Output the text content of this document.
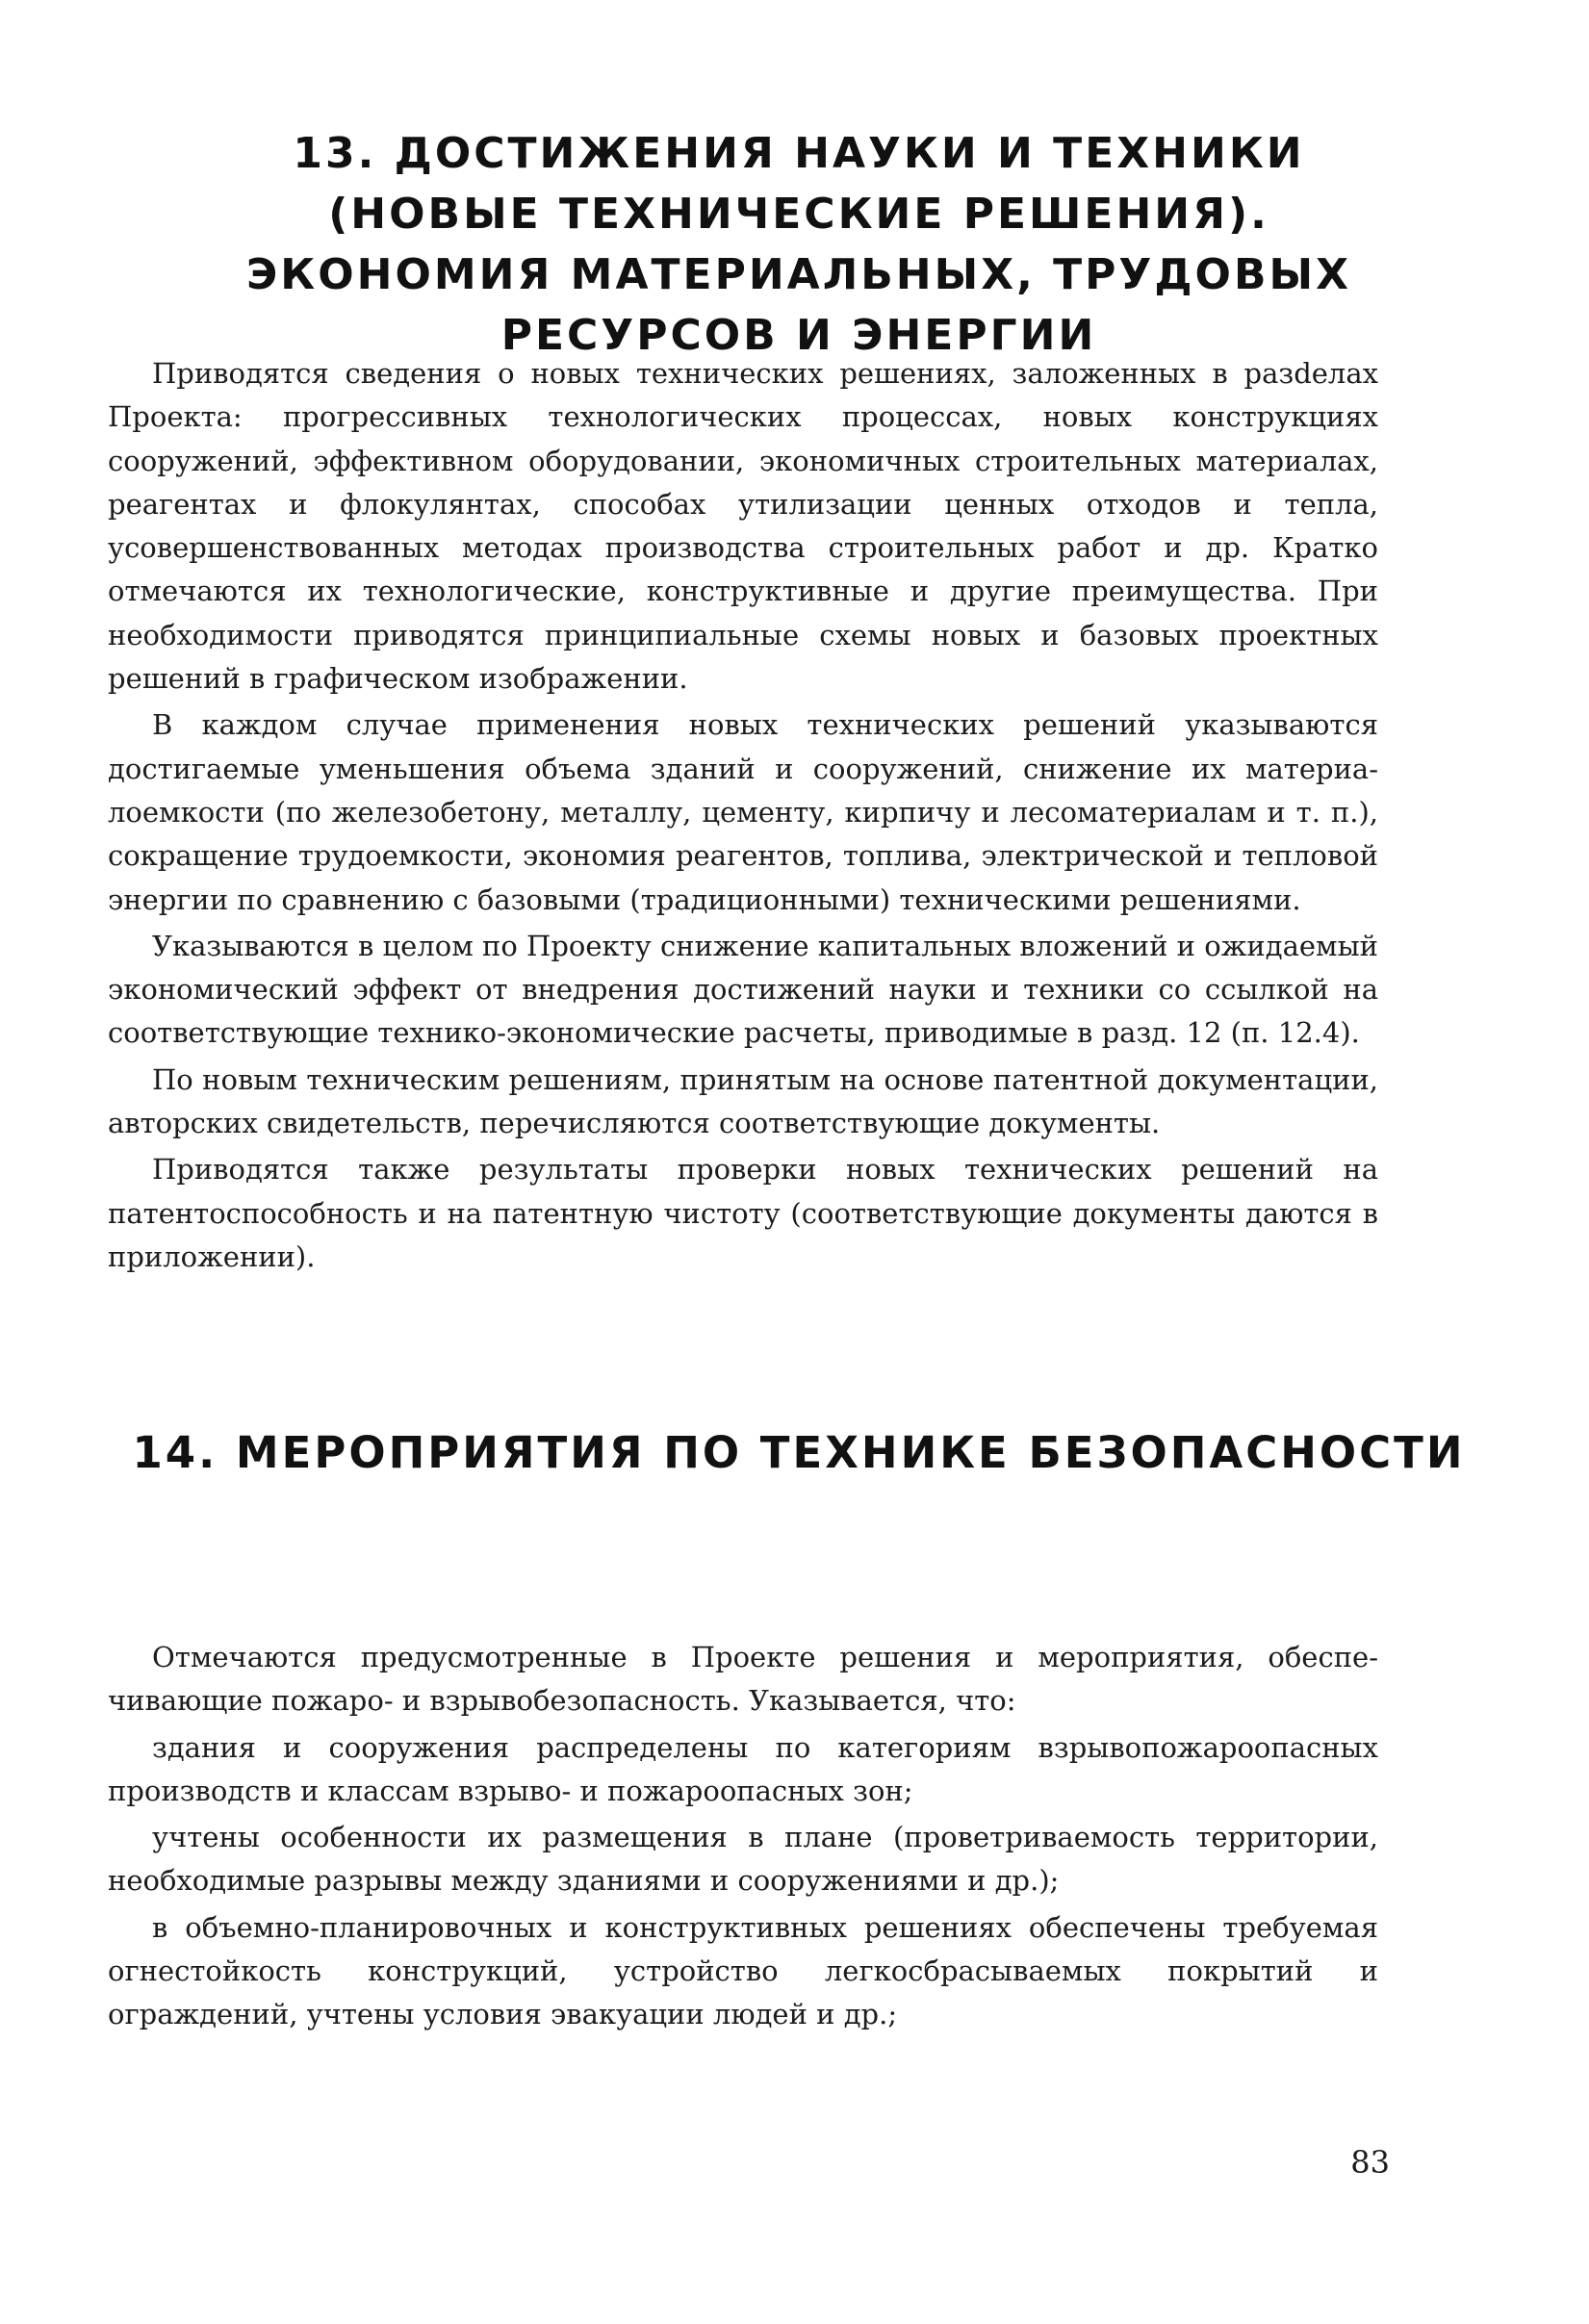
13. ДОСТИЖЕНИЯ НАУКИ И ТЕХНИКИ
(НОВЫЕ ТЕХНИЧЕСКИЕ РЕШЕНИЯ).
ЭКОНОМИЯ МАТЕРИАЛЬНЫХ, ТРУДОВЫХ
РЕСУРСОВ И ЭНЕРГИИ

Приводятся сведения о новых технических решениях, заложенных в разdелах Проекта: прогрессивных технологических процессах, новых конструкциях сооружений, эффективном оборудовании, экономичных строительных материалах, реагентах и флокулянтах, способах утилизации ценных отходов и тепла, усовершенствованных методах производства строительных работ и др. Кратко отмечаются их технологические, конструктивные и другие преимущества. При необходимости приводятся принципиальные схемы новых и базовых проектных решений в графическом изображении.

В каждом случае применения новых технических решений указываются достигаемые уменьшения объема зданий и сооружений, снижение их материалоемкости (по железобетону, металлу, цементу, кирпичу и лесоматериалам и т. п.), сокращение трудоемкости, экономия реагентов, топлива, электрической и тепловой энергии по сравнению с базовыми (традиционными) техническими решениями.

Указываются в целом по Проекту снижение капитальных вложений и ожидаемый экономический эффект от внедрения достижений науки и техники со ссылкой на соответствующие технико-экономические расчеты, приводимые в разд. 12 (п. 12.4).

По новым техническим решениям, принятым на основе патентной документации, авторских свидетельств, перечисляются соответствующие документы.

Приводятся также результаты проверки новых технических решений на патентоспособность и на патентную чистоту (соответствующие документы даются в приложении).

14. МЕРОПРИЯТИЯ ПО ТЕХНИКЕ БЕЗОПАСНОСТИ

Отмечаются предусмотренные в Проекте решения и мероприятия, обеспечивающие пожаро- и взрывобезопасность. Указывается, что:

здания и сооружения распределены по категориям взрывопожароопасных производств и классам взрыво- и пожароопасных зон;

учтены особенности их размещения в плане (проветриваемость территории, необходимые разрывы между зданиями и сооружениями и др.);

в объемно-планировочных и конструктивных решениях обеспечены требуемая огнестойкость конструкций, устройство легкосбрасываемых покрытий и ограждений, учтены условия эвакуации людей и др.;

83
